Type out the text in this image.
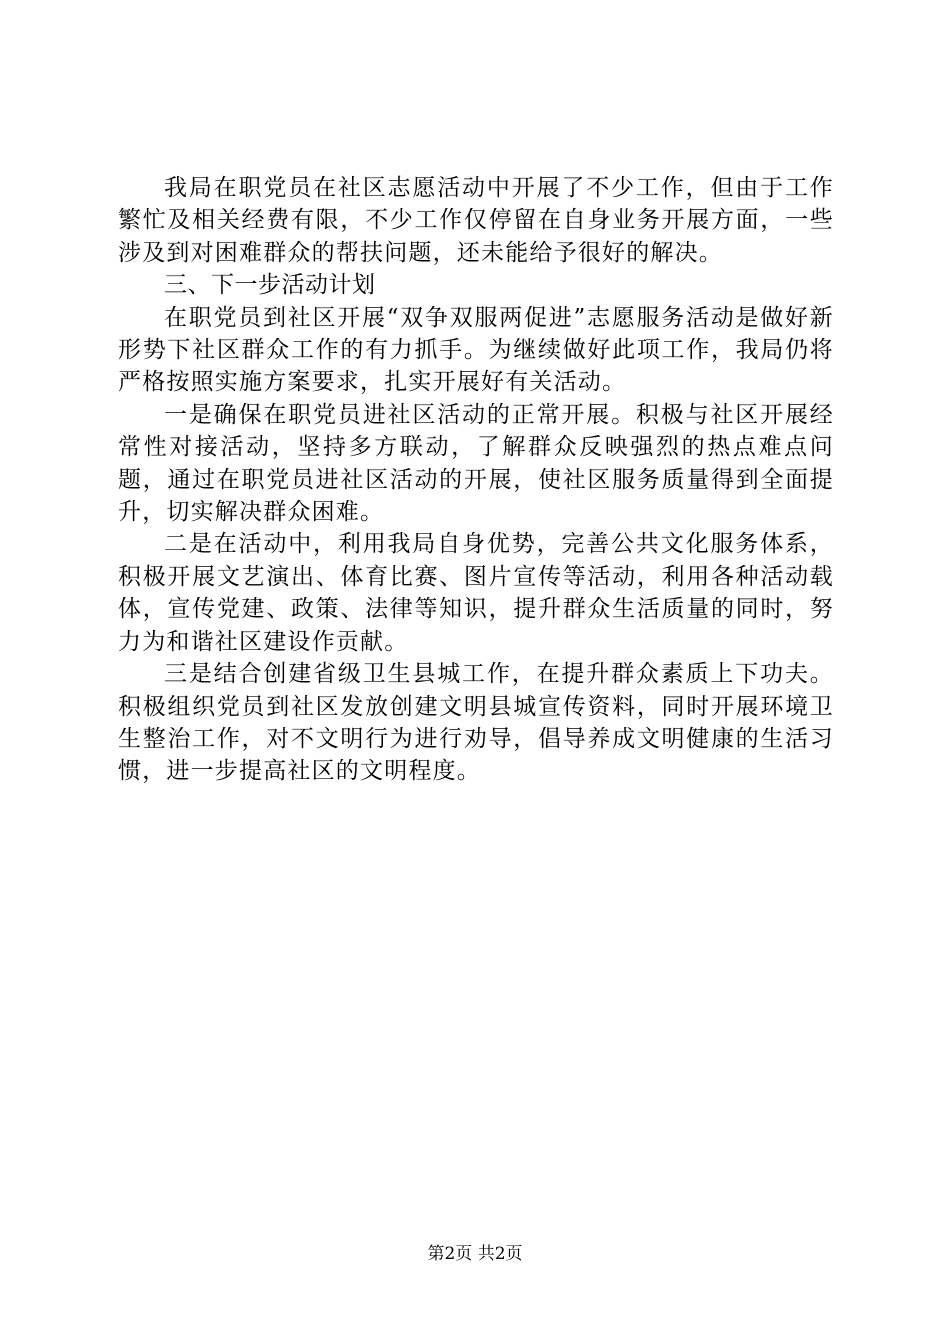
我局在职党员在社区志愿活动中开展了不少工作，但由于工作繁忙及相关经费有限，不少工作仅停留在自身业务开展方面，一些涉及到对困难群众的帮扶问题，还未能给予很好的解决。

三、下一步活动计划

在职党员到社区开展“双争双服两促进”志愿服务活动是做好新形势下社区群众工作的有力抓手。为继续做好此项工作，我局仍将严格按照实施方案要求，扎实开展好有关活动。

一是确保在职党员进社区活动的正常开展。积极与社区开展经常性对接活动，坚持多方联动，了解群众反映强烈的热点难点问题，通过在职党员进社区活动的开展，使社区服务质量得到全面提升，切实解决群众困难。

二是在活动中，利用我局自身优势，完善公共文化服务体系，积极开展文艺演出、体育比赛、图片宣传等活动，利用各种活动载体，宣传党建、政策、法律等知识，提升群众生活质量的同时，努力为和谐社区建设作贡献。

三是结合创建省级卫生县城工作，在提升群众素质上下功夫。积极组织党员到社区发放创建文明县城宣传资料，同时开展环境卫生整治工作，对不文明行为进行劝导，倡导养成文明健康的生活习惯，进一步提高社区的文明程度。

第2页 共2页
